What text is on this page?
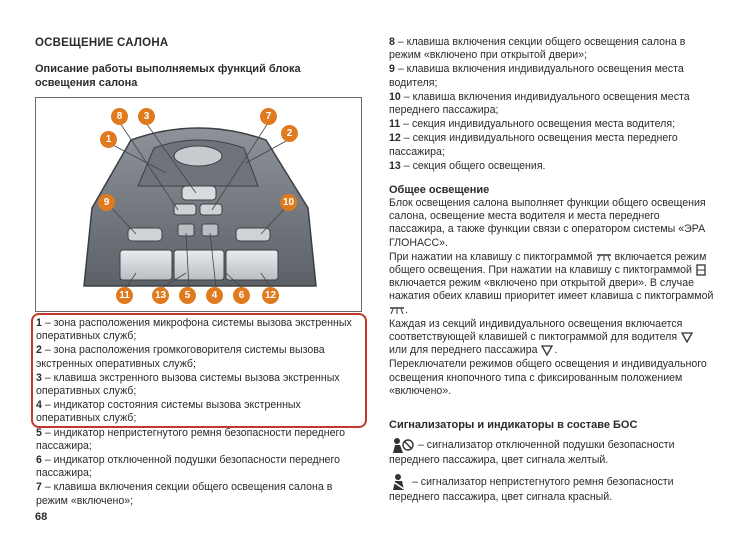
ОСВЕЩЕНИЕ САЛОНА
Описание работы выполняемых функций блока освещения салона
8	3	7
1
2
9	10
11	13	5	4	6	12

1 – зона расположения микрофона системы вызова экстренных оперативных служб;

2 – зона расположения громкоговорителя системы вызова экстренных оперативных служб;

3 – клавиша экстренного вызова системы вызова экстренных оперативных служб;

4 – индикатор состояния системы вызова экстренных оперативных служб;

5 – индикатор непристегнутого ремня безопасности переднего пассажира;

6 – индикатор отключенной подушки безопасности переднего пассажира;

7 – клавиша включения секции общего освещения салона в режим «включено»;

68

8 – клавиша включения секции общего освещения салона в режим «включено при открытой двери»;

9 – клавиша включения индивидуального освещения места водителя;

10 – клавиша включения индивидуального освещения места переднего пассажира;

11 – секция индивидуального освещения места водителя;

12 – секция индивидуального освещения места переднего пассажира;

13 – секция общего освещения.

Общее освещение

Блок освещения салона выполняет функции общего освещения салона, освещение места водителя и места переднего пассажира, а также функции связи с оператором системы «ЭРА ГЛОНАСС».

При нажатии на клавишу с пиктограммой включается режим общего освещения. При нажатии на клавишу с пиктограммой  включается режим «включено при открытой двери». В случае нажатия обеих клавиш приоритет имеет клавиша с пиктограммой .

Каждая из секций индивидуального освещения включается соответствующей клавишей с пиктограммой для водителя  или для переднего пассажира .

Переключатели режимов общего освещения и индивидуального освещения кнопочного типа с фиксированным положением «включено».

Сигнализаторы и индикаторы в составе БОС

– сигнализатор отключенной подушки безопасности переднего пассажира, цвет сигнала желтый.

– сигнализатор непристегнутого ремня безопасности переднего пассажира, цвет сигнала красный.
